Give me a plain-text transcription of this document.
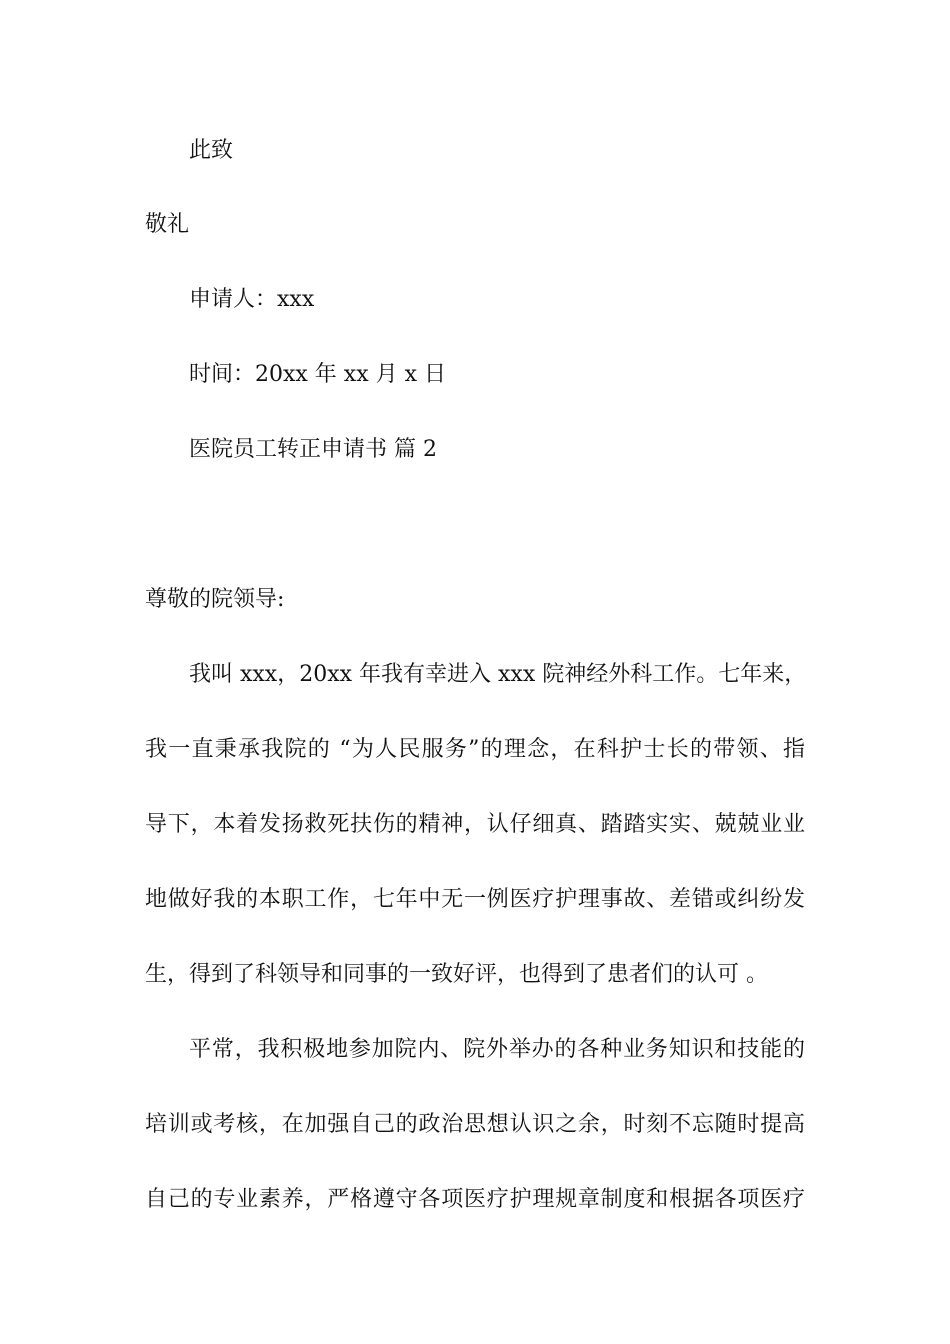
此致
敬礼
申请人：xxx
时间：20xx 年 xx 月 x 日
医院员工转正申请书 篇 2
尊敬的院领导:
我叫 xxx，20xx 年我有幸进入 xxx 院神经外科工作。七年来，
我一直秉承我院的 “为人民服务”的理念，在科护士长的带领、指
导下，本着发扬救死扶伤的精神，认仔细真、踏踏实实、兢兢业业
地做好我的本职工作，七年中无一例医疗护理事故、差错或纠纷发
生，得到了科领导和同事的一致好评，也得到了患者们的认可 。
平常，我积极地参加院内、院外举办的各种业务知识和技能的
培训或考核，在加强自己的政治思想认识之余，时刻不忘随时提高
自己的专业素养，严格遵守各项医疗护理规章制度和根据各项医疗
